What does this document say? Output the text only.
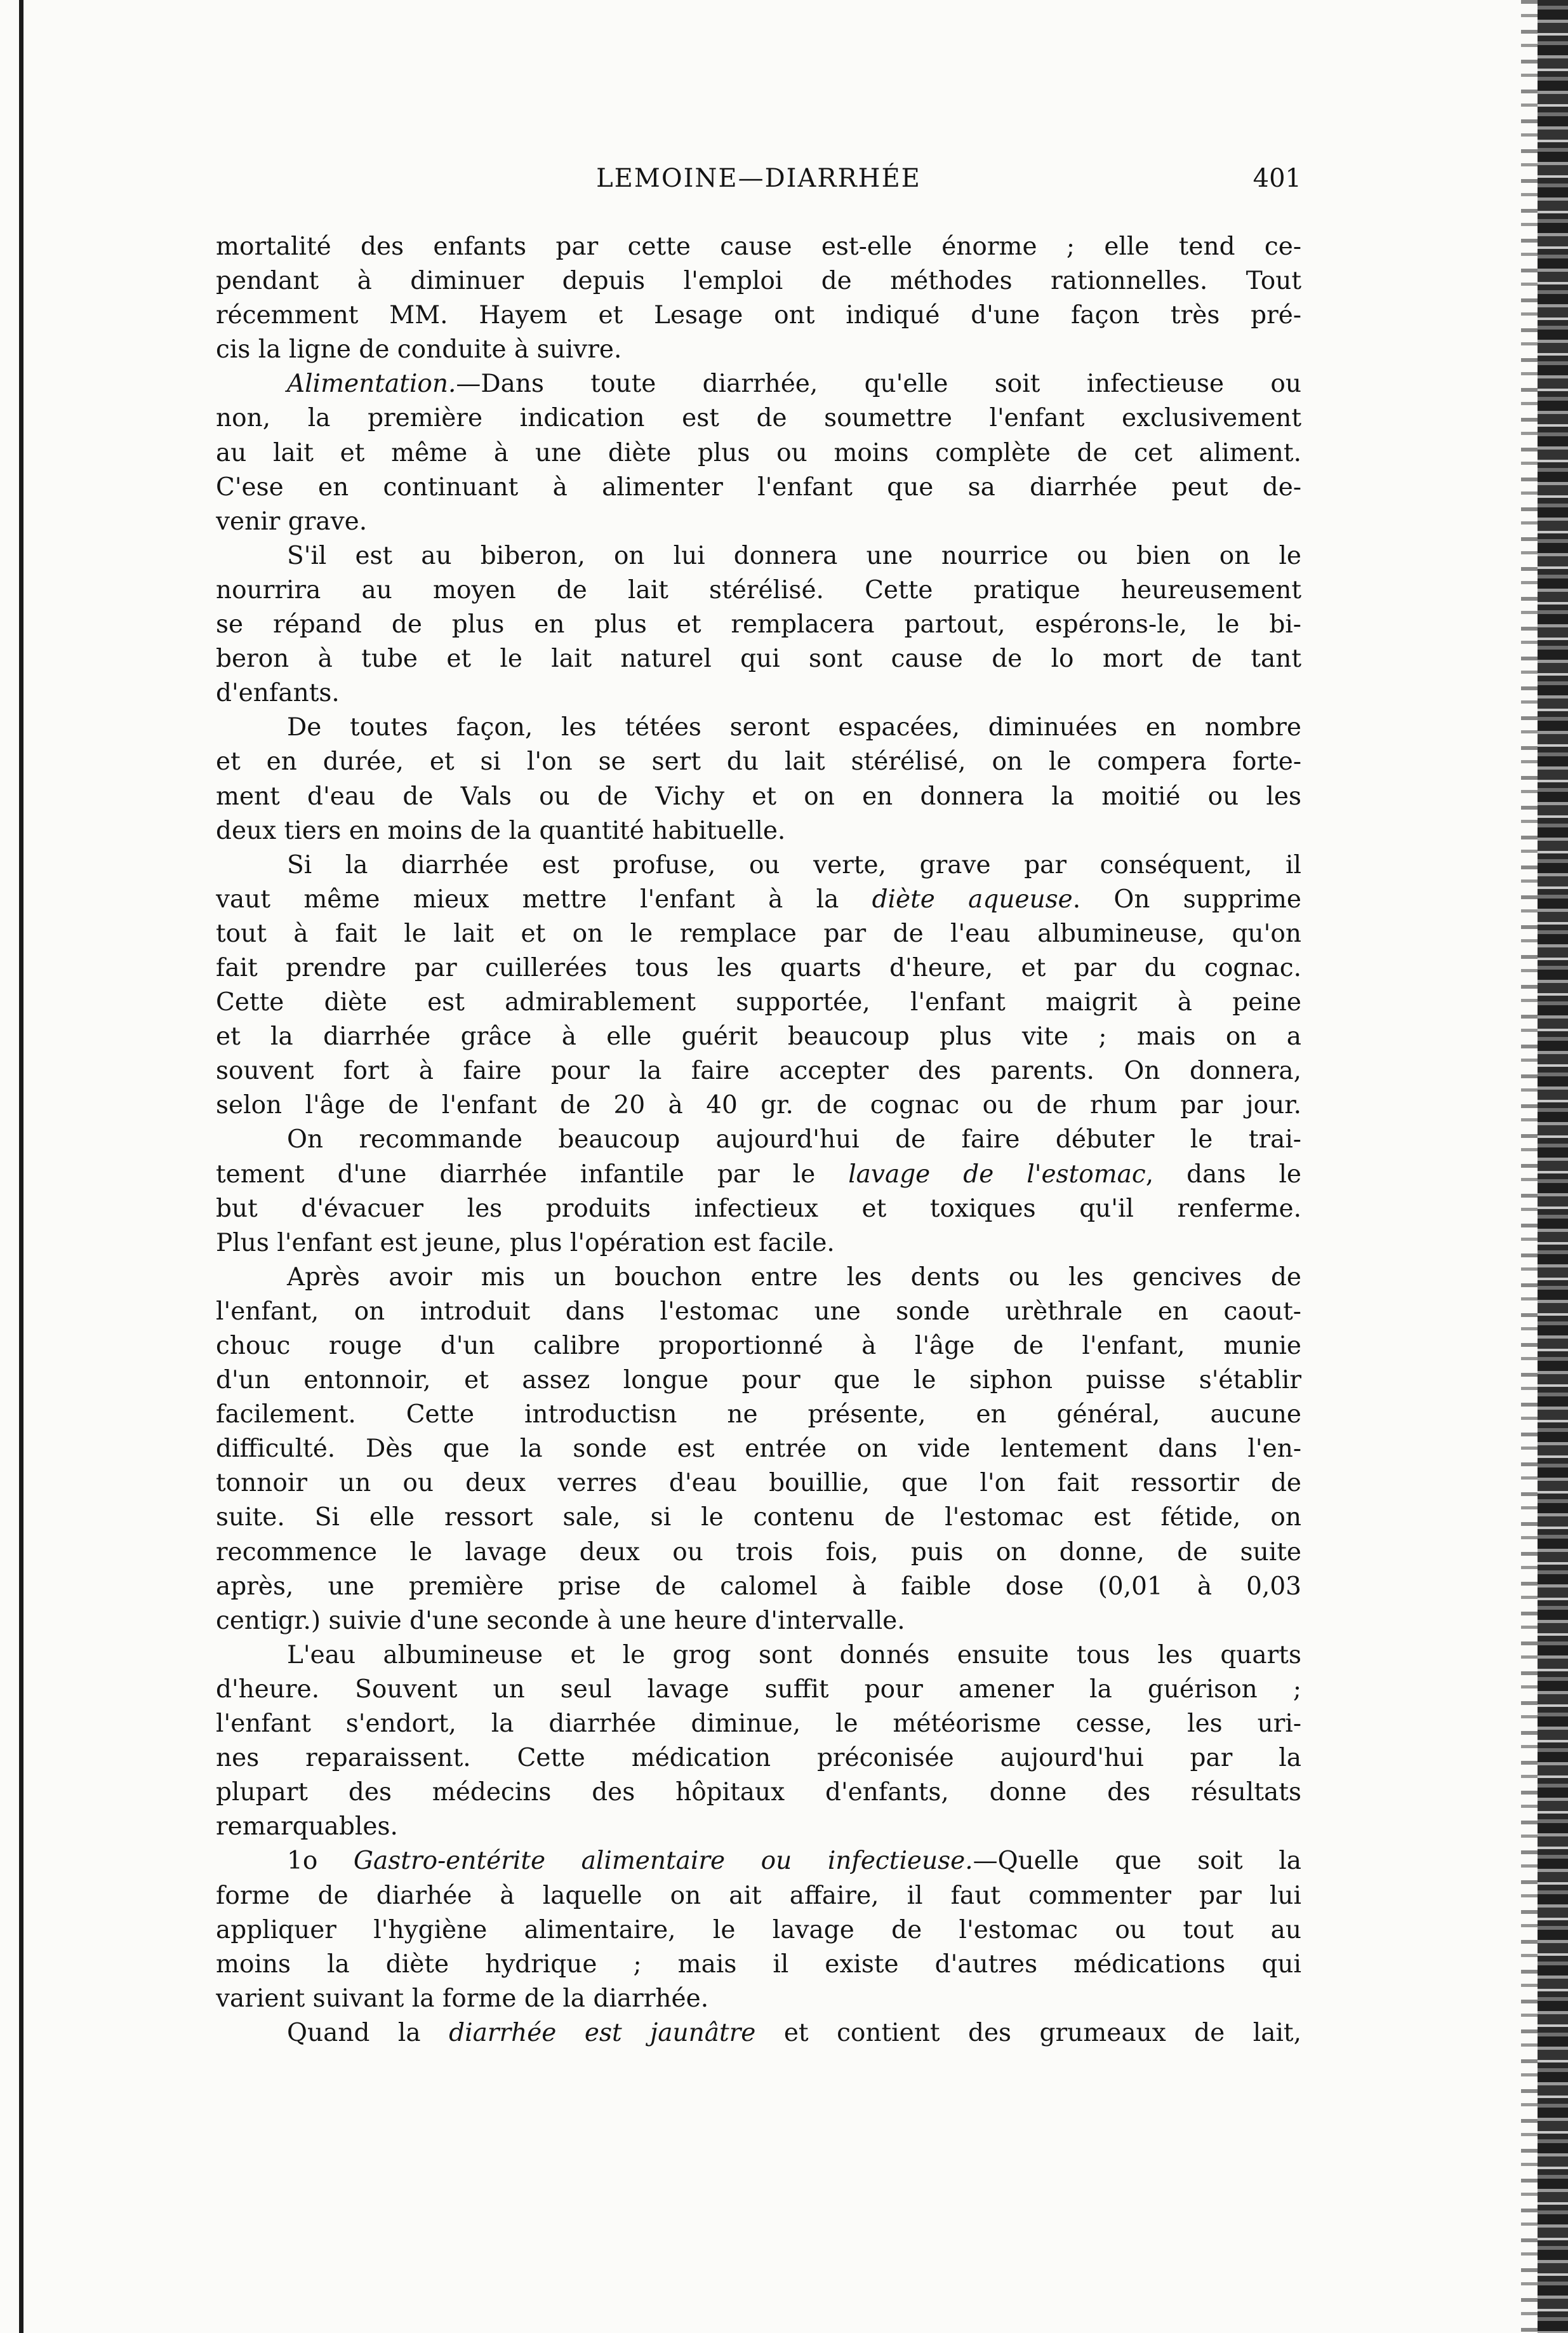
LEMOINE—DIARRHÉE	401
mortalité des enfants par cette cause est-elle énorme ; elle tend ce-
pendant à diminuer depuis l'emploi de méthodes rationnelles. Tout
récemment MM. Hayem et Lesage ont indiqué d'une façon très pré-
cis la ligne de conduite à suivre.
Alimentation.—Dans toute diarrhée, qu'elle soit infectieuse ou
non, la première indication est de soumettre l'enfant exclusivement
au lait et même à une diète plus ou moins complète de cet aliment.
C'ese en continuant à alimenter l'enfant que sa diarrhée peut de-
venir grave.
S'il est au biberon, on lui donnera une nourrice ou bien on le
nourrira au moyen de lait stérélisé. Cette pratique heureusement
se répand de plus en plus et remplacera partout, espérons-le, le bi-
beron à tube et le lait naturel qui sont cause de lo mort de tant
d'enfants.
De toutes façon, les tétées seront espacées, diminuées en nombre
et en durée, et si l'on se sert du lait stérélisé, on le compera forte-
ment d'eau de Vals ou de Vichy et on en donnera la moitié ou les
deux tiers en moins de la quantité habituelle.
Si la diarrhée est profuse, ou verte, grave par conséquent, il
vaut même mieux mettre l'enfant à la diète aqueuse. On supprime
tout à fait le lait et on le remplace par de l'eau albumineuse, qu'on
fait prendre par cuillerées tous les quarts d'heure, et par du cognac.
Cette diète est admirablement supportée, l'enfant maigrit à peine
et la diarrhée grâce à elle guérit beaucoup plus vite ; mais on a
souvent fort à faire pour la faire accepter des parents. On donnera,
selon l'âge de l'enfant de 20 à 40 gr. de cognac ou de rhum par jour.
On recommande beaucoup aujourd'hui de faire débuter le trai-
tement d'une diarrhée infantile par le lavage de l'estomac, dans le
but d'évacuer les produits infectieux et toxiques qu'il renferme.
Plus l'enfant est jeune, plus l'opération est facile.
Après avoir mis un bouchon entre les dents ou les gencives de
l'enfant, on introduit dans l'estomac une sonde urèthrale en caout-
chouc rouge d'un calibre proportionné à l'âge de l'enfant, munie
d'un entonnoir, et assez longue pour que le siphon puisse s'établir
facilement. Cette introductisn ne présente, en général, aucune
difficulté. Dès que la sonde est entrée on vide lentement dans l'en-
tonnoir un ou deux verres d'eau bouillie, que l'on fait ressortir de
suite. Si elle ressort sale, si le contenu de l'estomac est fétide, on
recommence le lavage deux ou trois fois, puis on donne, de suite
après, une première prise de calomel à faible dose (0,01 à 0,03
centigr.) suivie d'une seconde à une heure d'intervalle.
L'eau albumineuse et le grog sont donnés ensuite tous les quarts
d'heure. Souvent un seul lavage suffit pour amener la guérison ;
l'enfant s'endort, la diarrhée diminue, le météorisme cesse, les uri-
nes reparaissent. Cette médication préconisée aujourd'hui par la
plupart des médecins des hôpitaux d'enfants, donne des résultats
remarquables.
1o Gastro-entérite alimentaire ou infectieuse.—Quelle que soit la
forme de diarhée à laquelle on ait affaire, il faut commenter par lui
appliquer l'hygiène alimentaire, le lavage de l'estomac ou tout au
moins la diète hydrique ; mais il existe d'autres médications qui
varient suivant la forme de la diarrhée.
Quand la diarrhée est jaunâtre et contient des grumeaux de lait,
